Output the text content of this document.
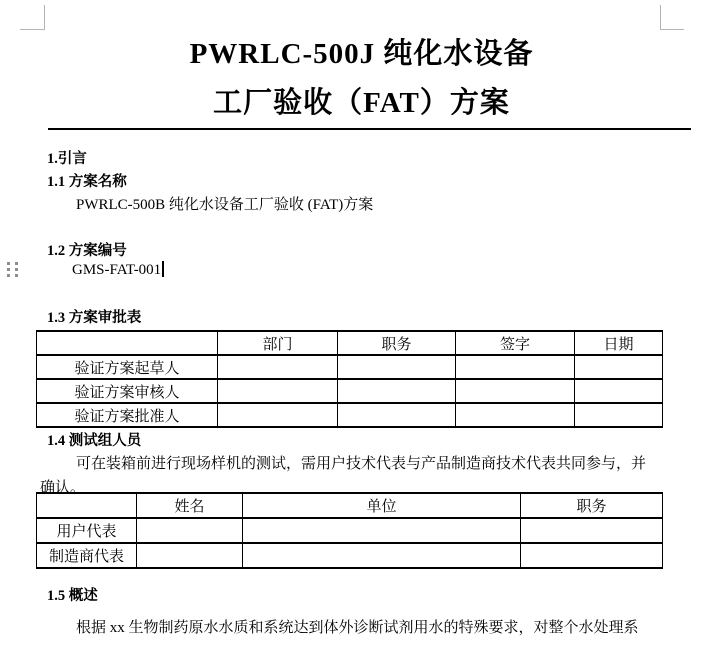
PWRLC-500J 纯化水设备
工厂验收（FAT）方案
1.引言
1.1 方案名称
PWRLC-500B 纯化水设备工厂验收 (FAT)方案
1.2 方案编号
GMS-FAT-001
1.3 方案审批表
	部门	职务	签字	日期
验证方案起草人				
验证方案审核人				
验证方案批准人				
1.4 测试组人员
可在装箱前进行现场样机的测试，需用户技术代表与产品制造商技术代表共同参与，并
确认。
	姓名	单位	职务
用户代表			
制造商代表			
1.5 概述
根据 xx 生物制药原水水质和系统达到体外诊断试剂用水的特殊要求，对整个水处理系
